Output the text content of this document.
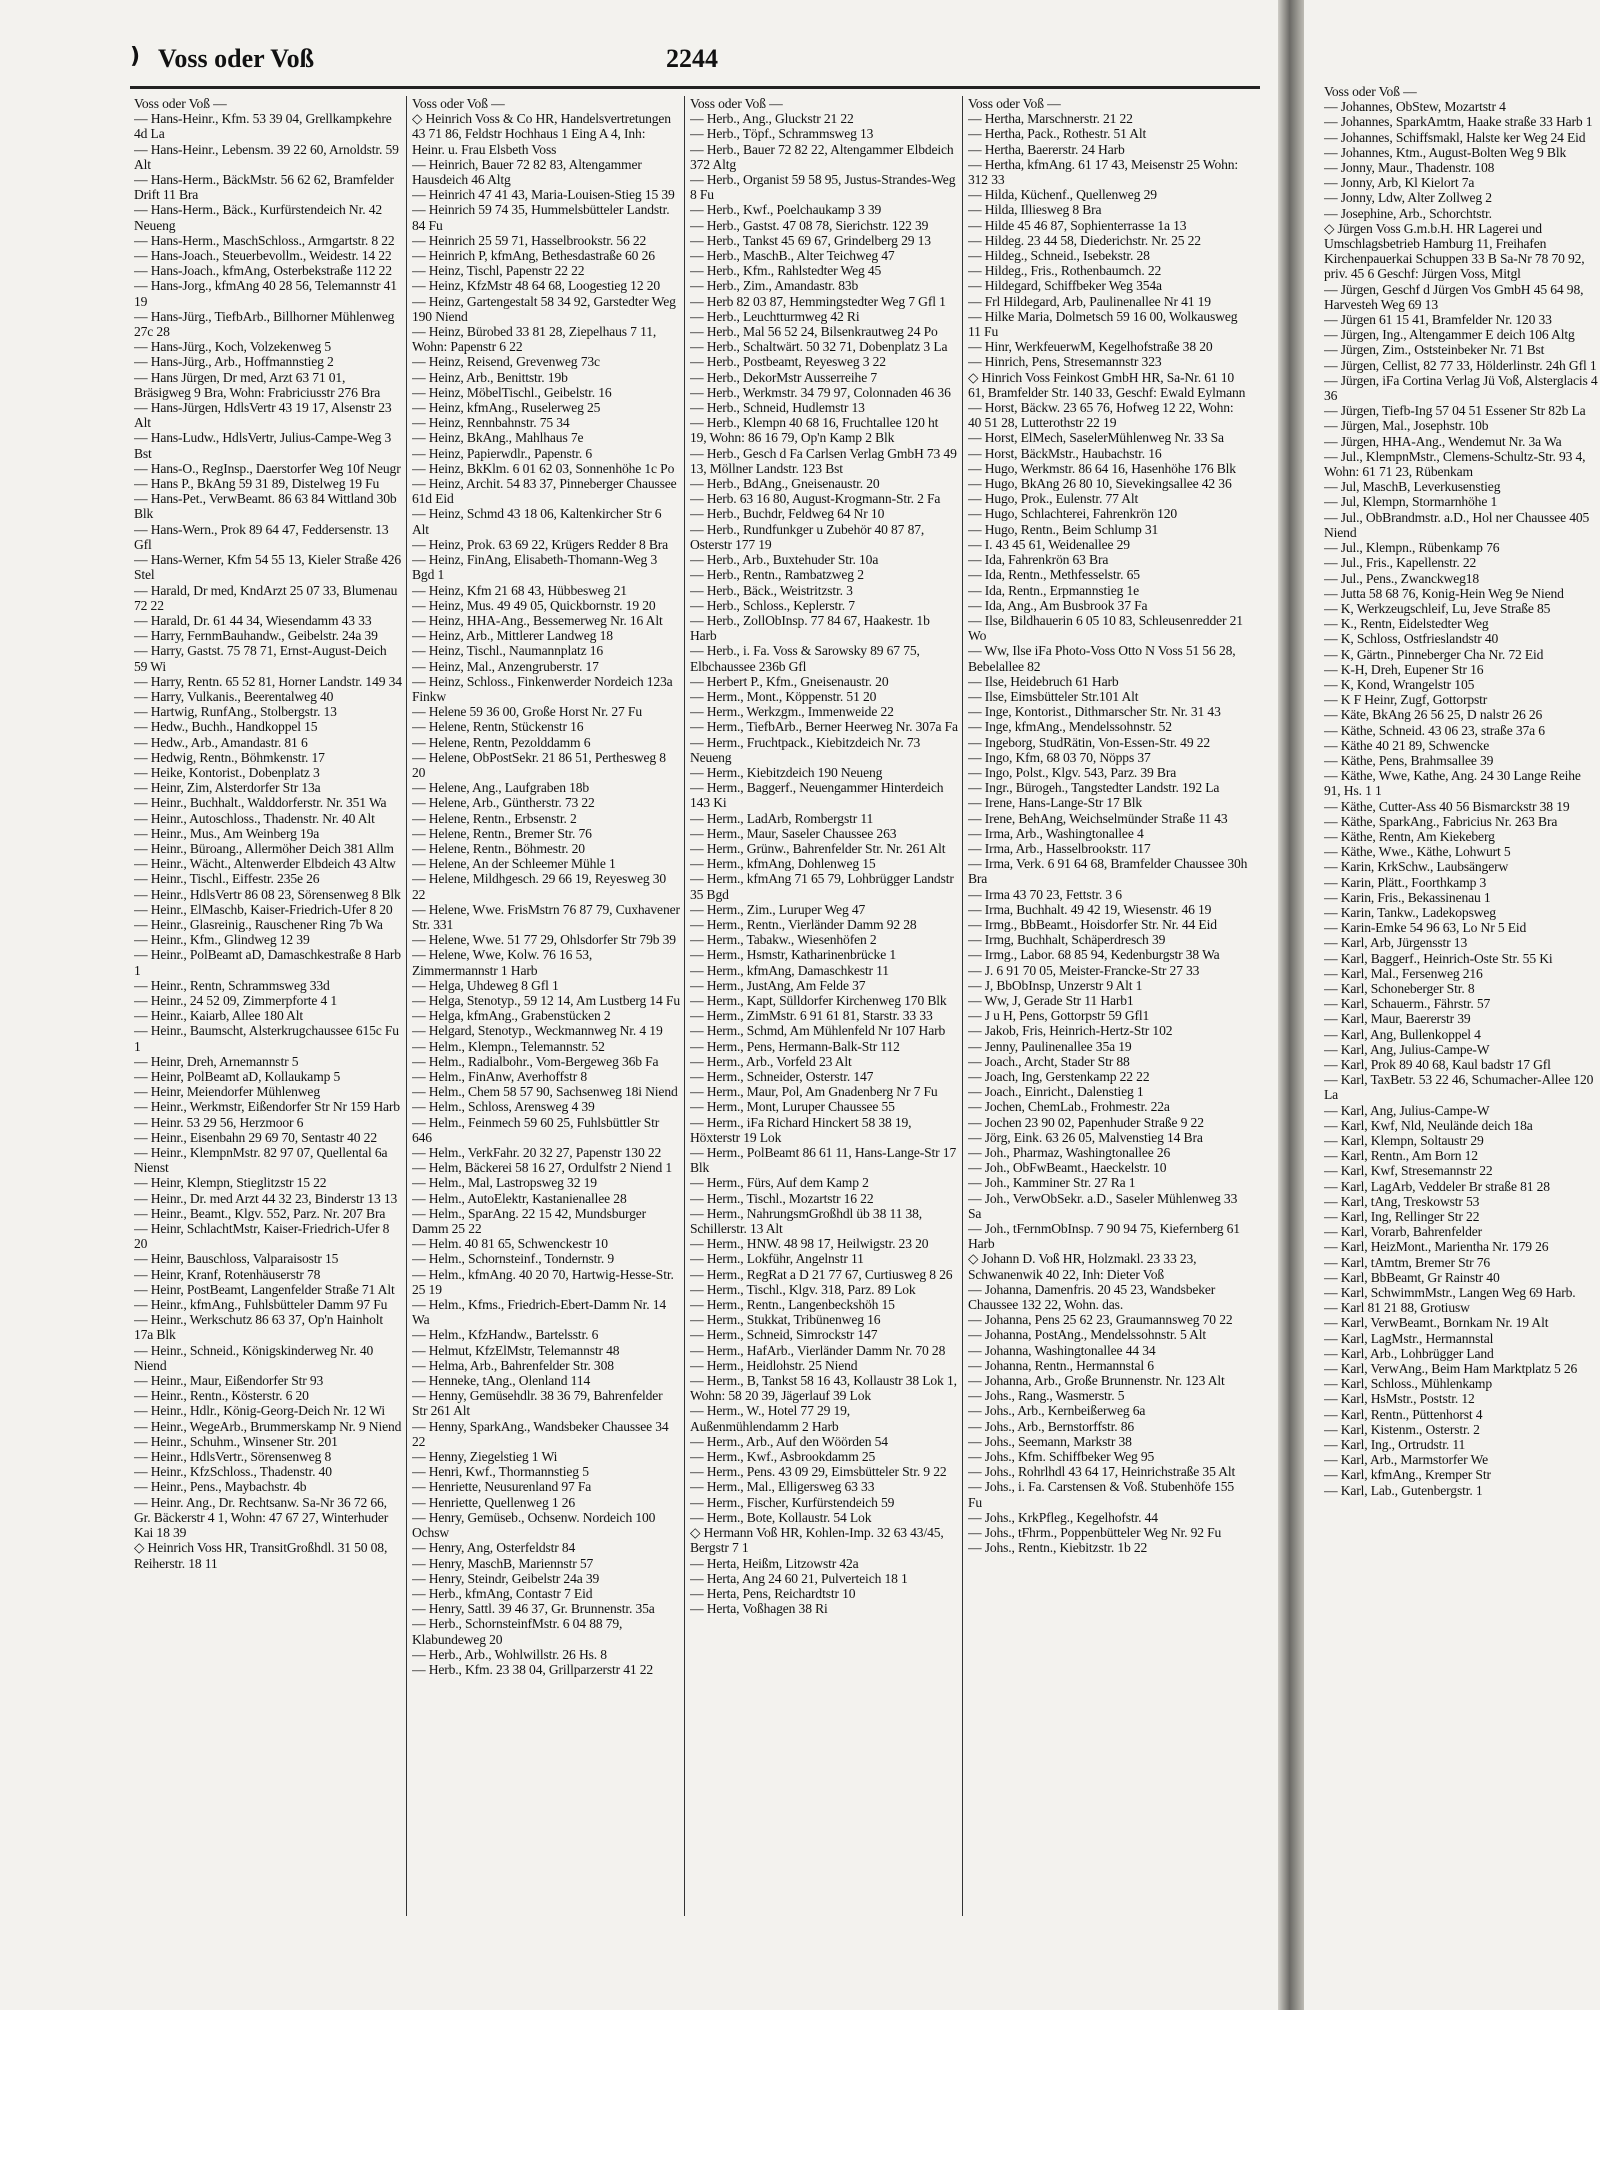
) Voss oder Voß	2244
Voss oder Voß —
— Hans-Heinr., Kfm. 53 39 04, Grellkampkehre 4d La
— Hans-Heinr., Lebensm. 39 22 60, Arnoldstr. 59 Alt
— Hans-Herm., BäckMstr. 56 62 62, Bramfelder Drift 11 Bra
— Hans-Herm., Bäck., Kurfürstendeich Nr. 42 Neueng
— Hans-Herm., MaschSchloss., Armgartstr. 8 22
— Hans-Joach., Steuerbevollm., Weidestr. 14 22
— Hans-Joach., kfmAng, Osterbekstraße 112 22
— Hans-Jorg., kfmAng 40 28 56, Telemannstr 41 19
— Hans-Jürg., TiefbArb., Billhorner Mühlenweg 27c 28
— Hans-Jürg., Koch, Volzekenweg 5
— Hans-Jürg., Arb., Hoffmannstieg 2
— Hans Jürgen, Dr med, Arzt 63 71 01, Bräsigweg 9 Bra, Wohn: Frabriciusstr 276 Bra
— Hans-Jürgen, HdlsVertr 43 19 17, Alsenstr 23 Alt
— Hans-Ludw., HdlsVertr, Julius-Campe-Weg 3 Bst
— Hans-O., RegInsp., Daerstorfer Weg 10f Neugr
— Hans P., BkAng 59 31 89, Distelweg 19 Fu
— Hans-Pet., VerwBeamt. 86 63 84 Wittland 30b Blk
— Hans-Wern., Prok 89 64 47, Feddersenstr. 13 Gfl
— Hans-Werner, Kfm 54 55 13, Kieler Straße 426 Stel
— Harald, Dr med, KndArzt 25 07 33, Blumenau 72 22
— Harald, Dr. 61 44 34, Wiesendamm 43 33
— Harry, FernmBauhandw., Geibelstr. 24a 39
— Harry, Gastst. 75 78 71, Ernst-August-Deich 59 Wi
— Harry, Rentn. 65 52 81, Horner Landstr. 149 34
— Harry, Vulkanis., Beerentalweg 40
— Hartwig, RunfAng., Stolbergstr. 13
— Hedw., Buchh., Handkoppel 15
— Hedw., Arb., Amandastr. 81 6
— Hedwig, Rentn., Böhmkenstr. 17
— Heike, Kontorist., Dobenplatz 3
— Heinr, Zim, Alsterdorfer Str 13a
— Heinr., Buchhalt., Walddorferstr. Nr. 351 Wa
— Heinr., Autoschloss., Thadenstr. Nr. 40 Alt
— Heinr., Mus., Am Weinberg 19a
— Heinr., Büroang., Allermöher Deich 381 Allm
— Heinr., Wächt., Altenwerder Elbdeich 43 Altw
— Heinr., Tischl., Eiffestr. 235e 26
— Heinr., HdlsVertr 86 08 23, Sörensenweg 8 Blk
— Heinr., ElMaschb, Kaiser-Friedrich-Ufer 8 20
— Heinr., Glasreinig., Rauschener Ring 7b Wa
— Heinr., Kfm., Glindweg 12 39
— Heinr., PolBeamt aD, Damaschkestraße 8 Harb 1
— Heinr., Rentn, Schrammsweg 33d
— Heinr., 24 52 09, Zimmerpforte 4 1
— Heinr., Kaiarb, Allee 180 Alt
— Heinr., Baumscht, Alsterkrugchaussee 615c Fu 1
— Heinr, Dreh, Arnemannstr 5
— Heinr, PolBeamt aD, Kollaukamp 5
— Heinr, Meiendorfer Mühlenweg
— Heinr., Werkmstr, Eißendorfer Str Nr 159 Harb
— Heinr. 53 29 56, Herzmoor 6
— Heinr., Eisenbahn 29 69 70, Sentastr 40 22
— Heinr., KlempnMstr. 82 97 07, Quellental 6a Nienst
— Heinr, Klempn, Stieglitzstr 15 22
— Heinr., Dr. med Arzt 44 32 23, Binderstr 13 13
— Heinr., Beamt., Klgv. 552, Parz. Nr. 207 Bra
— Heinr, SchlachtMstr, Kaiser-Friedrich-Ufer 8 20
— Heinr, Bauschloss, Valparaisostr 15
— Heinr, Kranf, Rotenhäuserstr 78
— Heinr, PostBeamt, Langenfelder Straße 71 Alt
— Heinr., kfmAng., Fuhlsbütteler Damm 97 Fu
— Heinr., Werkschutz 86 63 37, Op'n Hainholt 17a Blk
— Heinr., Schneid., Königskinderweg Nr. 40 Niend
— Heinr., Maur, Eißendorfer Str 93
— Heinr., Rentn., Kösterstr. 6 20
— Heinr., Hdlr., König-Georg-Deich Nr. 12 Wi
— Heinr., WegeArb., Brummerskamp Nr. 9 Niend
— Heinr., Schuhm., Winsener Str. 201
— Heinr., HdlsVertr., Sörensenweg 8
— Heinr., KfzSchloss., Thadenstr. 40
— Heinr., Pens., Maybachstr. 4b
— Heinr. Ang., Dr. Rechtsanw. Sa-Nr 36 72 66, Gr. Bäckerstr 4 1, Wohn: 47 67 27, Winterhuder Kai 18 39
◇ Heinrich Voss HR, TransitGroßhdl. 31 50 08, Reiherstr. 18 11
Voss oder Voß —
◇ Heinrich Voss & Co HR, Handelsvertretungen 43 71 86, Feldstr Hochhaus 1 Eing A 4, Inh: Heinr. u. Frau Elsbeth Voss
— Heinrich, Bauer 72 82 83, Altengammer Hausdeich 46 Altg
— Heinrich 47 41 43, Maria-Louisen-Stieg 15 39
— Heinrich 59 74 35, Hummelsbütteler Landstr. 84 Fu
— Heinrich 25 59 71, Hasselbrookstr. 56 22
— Heinrich P, kfmAng, Bethesdastraße 60 26
— Heinz, Tischl, Papenstr 22 22
— Heinz, KfzMstr 48 64 68, Loogestieg 12 20
— Heinz, Gartengestalt 58 34 92, Garstedter Weg 190 Niend
— Heinz, Bürobed 33 81 28, Ziepelhaus 7 11, Wohn: Papenstr 6 22
— Heinz, Reisend, Grevenweg 73c
— Heinz, Arb., Benittstr. 19b
— Heinz, MöbelTischl., Geibelstr. 16
— Heinz, kfmAng., Ruselerweg 25
— Heinz, Rennbahnstr. 75 34
— Heinz, BkAng., Mahlhaus 7e
— Heinz, Papierwdlr., Papenstr. 6
— Heinz, BkKlm. 6 01 62 03, Sonnenhöhe 1c Po
— Heinz, Archit. 54 83 37, Pinneberger Chaussee 61d Eid
— Heinz, Schmd 43 18 06, Kaltenkircher Str 6 Alt
— Heinz, Prok. 63 69 22, Krügers Redder 8 Bra
— Heinz, FinAng, Elisabeth-Thomann-Weg 3 Bgd 1
— Heinz, Kfm 21 68 43, Hübbesweg 21
— Heinz, Mus. 49 49 05, Quickbornstr. 19 20
— Heinz, HHA-Ang., Bessemerweg Nr. 16 Alt
— Heinz, Arb., Mittlerer Landweg 18
— Heinz, Tischl., Naumannplatz 16
— Heinz, Mal., Anzengruberstr. 17
— Heinz, Schloss., Finkenwerder Nordeich 123a Finkw
— Helene 59 36 00, Große Horst Nr. 27 Fu
— Helene, Rentn, Stückenstr 16
— Helene, Rentn, Pezolddamm 6
— Helene, ObPostSekr. 21 86 51, Perthesweg 8 20
— Helene, Ang., Laufgraben 18b
— Helene, Arb., Güntherstr. 73 22
— Helene, Rentn., Erbsenstr. 2
— Helene, Rentn., Bremer Str. 76
— Helene, Rentn., Böhmestr. 20
— Helene, An der Schleemer Mühle 1
— Helene, Mildhgesch. 29 66 19, Reyesweg 30 22
— Helene, Wwe. FrisMstrn 76 87 79, Cuxhavener Str. 331
— Helene, Wwe. 51 77 29, Ohlsdorfer Str 79b 39
— Helene, Wwe, Kolw. 76 16 53, Zimmermannstr 1 Harb
— Helga, Uhdeweg 8 Gfl 1
— Helga, Stenotyp., 59 12 14, Am Lustberg 14 Fu
— Helga, kfmAng., Grabenstücken 2
— Helgard, Stenotyp., Weckmannweg Nr. 4 19
— Helm., Klempn., Telemannstr. 52
— Helm., Radialbohr., Vom-Bergeweg 36b Fa
— Helm., FinAnw, Averhoffstr 8
— Helm., Chem 58 57 90, Sachsenweg 18i Niend
— Helm., Schloss, Arensweg 4 39
— Helm., Feinmech 59 60 25, Fuhlsbüttler Str 646
— Helm., VerkFahr. 20 32 27, Papenstr 130 22
— Helm, Bäckerei 58 16 27, Ordulfstr 2 Niend 1
— Helm., Mal, Lastropsweg 32 19
— Helm., AutoElektr, Kastanienallee 28
— Helm., SparAng. 22 15 42, Mundsburger Damm 25 22
— Helm. 40 81 65, Schwenckestr 10
— Helm., Schornsteinf., Tondernstr. 9
— Helm., kfmAng. 40 20 70, Hartwig-Hesse-Str. 25 19
— Helm., Kfms., Friedrich-Ebert-Damm Nr. 14 Wa
— Helm., KfzHandw., Bartelsstr. 6
— Helmut, KfzElMstr, Telemannstr 48
— Helma, Arb., Bahrenfelder Str. 308
— Henneke, tAng., Olenland 114
— Henny, Gemüsehdlr. 38 36 79, Bahrenfelder Str 261 Alt
— Henny, SparkAng., Wandsbeker Chaussee 34 22
— Henny, Ziegelstieg 1 Wi
— Henri, Kwf., Thormannstieg 5
— Henriette, Neusurenland 97 Fa
— Henriette, Quellenweg 1 26
— Henry, Gemüseb., Ochsenw. Nordeich 100 Ochsw
— Henry, Ang, Osterfeldstr 84
— Henry, MaschB, Mariennstr 57
— Henry, Steindr, Geibelstr 24a 39
— Herb., kfmAng, Contastr 7 Eid
— Henry, Sattl. 39 46 37, Gr. Brunnenstr. 35a
— Herb., SchornsteinfMstr. 6 04 88 79, Klabundeweg 20
— Herb., Arb., Wohlwillstr. 26 Hs. 8
— Herb., Kfm. 23 38 04, Grillparzerstr 41 22
Voss oder Voß —
— Herb., Ang., Gluckstr 21 22
— Herb., Töpf., Schrammsweg 13
— Herb., Bauer 72 82 22, Altengammer Elbdeich 372 Altg
— Herb., Organist 59 58 95, Justus-Strandes-Weg 8 Fu
— Herb., Kwf., Poelchaukamp 3 39
— Herb., Gastst. 47 08 78, Sierichstr. 122 39
— Herb., Tankst 45 69 67, Grindelberg 29 13
— Herb., MaschB., Alter Teichweg 47
— Herb., Kfm., Rahlstedter Weg 45
— Herb., Zim., Amandastr. 83b
— Herb 82 03 87, Hemmingstedter Weg 7 Gfl 1
— Herb., Leuchtturmweg 42 Ri
— Herb., Mal 56 52 24, Bilsenkrautweg 24 Po
— Herb., Schaltwärt. 50 32 71, Dobenplatz 3 La
— Herb., Postbeamt, Reyesweg 3 22
— Herb., DekorMstr Ausserreihe 7
— Herb., Werkmstr. 34 79 97, Colonnaden 46 36
— Herb., Schneid, Hudlemstr 13
— Herb., Klempn 40 68 16, Fruchtallee 120 ht 19, Wohn: 86 16 79, Op'n Kamp 2 Blk
— Herb., Gesch d Fa Carlsen Verlag GmbH 73 49 13, Möllner Landstr. 123 Bst
— Herb., BdAng., Gneisenaustr. 20
— Herb. 63 16 80, August-Krogmann-Str. 2 Fa
— Herb., Buchdr, Feldweg 64 Nr 10
— Herb., Rundfunkger u Zubehör 40 87 87, Osterstr 177 19
— Herb., Arb., Buxtehuder Str. 10a
— Herb., Rentn., Rambatzweg 2
— Herb., Bäck., Weistritzstr. 3
— Herb., Schloss., Keplerstr. 7
— Herb., ZollObInsp. 77 84 67, Haakestr. 1b Harb
— Herb., i. Fa. Voss & Sarowsky 89 67 75, Elbchaussee 236b Gfl
— Herbert P., Kfm., Gneisenaustr. 20
— Herm., Mont., Köppenstr. 51 20
— Herm., Werkzgm., Immenweide 22
— Herm., TiefbArb., Berner Heerweg Nr. 307a Fa
— Herm., Fruchtpack., Kiebitzdeich Nr. 73 Neueng
— Herm., Kiebitzdeich 190 Neueng
— Herm., Baggerf., Neuengammer Hinterdeich 143 Ki
— Herm., LadArb, Rombergstr 11
— Herm., Maur, Saseler Chaussee 263
— Herm., Grünw., Bahrenfelder Str. Nr. 261 Alt
— Herm., kfmAng, Dohlenweg 15
— Herm., kfmAng 71 65 79, Lohbrügger Landstr 35 Bgd
— Herm., Zim., Luruper Weg 47
— Herm., Rentn., Vierländer Damm 92 28
— Herm., Tabakw., Wiesenhöfen 2
— Herm., Hsmstr, Katharinenbrücke 1
— Herm., kfmAng, Damaschkestr 11
— Herm., JustAng, Am Felde 37
— Herm., Kapt, Sülldorfer Kirchenweg 170 Blk
— Herm., ZimMstr. 6 91 61 81, Starstr. 33 33
— Herm., Schmd, Am Mühlenfeld Nr 107 Harb
— Herm., Pens, Hermann-Balk-Str 112
— Herm., Arb., Vorfeld 23 Alt
— Herm., Schneider, Osterstr. 147
— Herm., Maur, Pol, Am Gnadenberg Nr 7 Fu
— Herm., Mont, Luruper Chaussee 55
— Herm., iFa Richard Hinckert 58 38 19, Höxterstr 19 Lok
— Herm., PolBeamt 86 61 11, Hans-Lange-Str 17 Blk
— Herm., Fürs, Auf dem Kamp 2
— Herm., Tischl., Mozartstr 16 22
— Herm., NahrungsmGroßhdl üb 38 11 38, Schillerstr. 13 Alt
— Herm., HNW. 48 98 17, Heilwigstr. 23 20
— Herm., Lokführ, Angelnstr 11
— Herm., RegRat a D 21 77 67, Curtiusweg 8 26
— Herm., Tischl., Klgv. 318, Parz. 89 Lok
— Herm., Rentn., Langenbeckshöh 15
— Herm., Stukkat, Tribünenweg 16
— Herm., Schneid, Simrockstr 147
— Herm., HafArb., Vierländer Damm Nr. 70 28
— Herm., Heidlohstr. 25 Niend
— Herm., B, Tankst 58 16 43, Kollaustr 38 Lok 1, Wohn: 58 20 39, Jägerlauf 39 Lok
— Herm., W., Hotel 77 29 19, Außenmühlendamm 2 Harb
— Herm., Arb., Auf den Wöörden 54
— Herm., Kwf., Asbrookdamm 25
— Herm., Pens. 43 09 29, Eimsbütteler Str. 9 22
— Herm., Mal., Elligersweg 63 33
— Herm., Fischer, Kurfürstendeich 59
— Herm., Bote, Kollaustr. 54 Lok
◇ Hermann Voß HR, Kohlen-Imp. 32 63 43/45, Bergstr 7 1
— Herta, Heißm, Litzowstr 42a
— Herta, Ang 24 60 21, Pulverteich 18 1
— Herta, Pens, Reichardtstr 10
— Herta, Voßhagen 38 Ri
Voss oder Voß —
— Hertha, Marschnerstr. 21 22
— Hertha, Pack., Rothestr. 51 Alt
— Hertha, Baererstr. 24 Harb
— Hertha, kfmAng. 61 17 43, Meisenstr 25 Wohn: 312 33
— Hilda, Küchenf., Quellenweg 29
— Hilda, Illiesweg 8 Bra
— Hilde 45 46 87, Sophienterrasse 1a 13
— Hildeg. 23 44 58, Diederichstr. Nr. 25 22
— Hildeg., Schneid., Isebekstr. 28
— Hildeg., Fris., Rothenbaumch. 22
— Hildegard, Schiffbeker Weg 354a
— Frl Hildegard, Arb, Paulinenallee Nr 41 19
— Hilke Maria, Dolmetsch 59 16 00, Wolkausweg 11 Fu
— Hinr, WerkfeuerwM, Kegelhofstraße 38 20
— Hinrich, Pens, Stresemannstr 323
◇ Hinrich Voss Feinkost GmbH HR, Sa-Nr. 61 10 61, Bramfelder Str. 140 33, Geschf: Ewald Eylmann
— Horst, Bäckw. 23 65 76, Hofweg 12 22, Wohn: 40 51 28, Lutterothstr 22 19
— Horst, ElMech, SaselerMühlenweg Nr. 33 Sa
— Horst, BäckMstr., Haubachstr. 16
— Hugo, Werkmstr. 86 64 16, Hasenhöhe 176 Blk
— Hugo, BkAng 26 80 10, Sievekingsallee 42 36
— Hugo, Prok., Eulenstr. 77 Alt
— Hugo, Schlachterei, Fahrenkrön 120
— Hugo, Rentn., Beim Schlump 31
— I. 43 45 61, Weidenallee 29
— Ida, Fahrenkrön 63 Bra
— Ida, Rentn., Methfesselstr. 65
— Ida, Rentn., Erpmannstieg 1e
— Ida, Ang., Am Busbrook 37 Fa
— Ilse, Bildhauerin 6 05 10 83, Schleusenredder 21 Wo
— Ww, Ilse iFa Photo-Voss Otto N Voss 51 56 28, Bebelallee 82
— Ilse, Heidebruch 61 Harb
— Ilse, Eimsbütteler Str.101 Alt
— Inge, Kontorist., Dithmarscher Str. Nr. 31 43
— Inge, kfmAng., Mendelssohnstr. 52
— Ingeborg, StudRätin, Von-Essen-Str. 49 22
— Ingo, Kfm, 68 03 70, Nöpps 37
— Ingo, Polst., Klgv. 543, Parz. 39 Bra
— Ingr., Bürogeh., Tangstedter Landstr. 192 La
— Irene, Hans-Lange-Str 17 Blk
— Irene, BehAng, Weichselmünder Straße 11 43
— Irma, Arb., Washingtonallee 4
— Irma, Arb., Hasselbrookstr. 117
— Irma, Verk. 6 91 64 68, Bramfelder Chaussee 30h Bra
— Irma 43 70 23, Fettstr. 3 6
— Irma, Buchhalt. 49 42 19, Wiesenstr. 46 19
— Irmg., BbBeamt., Hoisdorfer Str. Nr. 44 Eid
— Irmg, Buchhalt, Schäperdresch 39
— Irmg., Labor. 68 85 94, Kedenburgstr 38 Wa
— J. 6 91 70 05, Meister-Francke-Str 27 33
— J, BbObInsp, Unzerstr 9 Alt 1
— Ww, J, Gerade Str 11 Harb1
— J u H, Pens, Gottorpstr 59 Gfl1
— Jakob, Fris, Heinrich-Hertz-Str 102
— Jenny, Paulinenallee 35a 19
— Joach., Archt, Stader Str 88
— Joach, Ing, Gerstenkamp 22 22
— Joach., Einricht., Dalenstieg 1
— Jochen, ChemLab., Frohmestr. 22a
— Jochen 23 90 02, Papenhuder Straße 9 22
— Jörg, Eink. 63 26 05, Malvenstieg 14 Bra
— Joh., Pharmaz, Washingtonallee 26
— Joh., ObFwBeamt., Haeckelstr. 10
— Joh., Kamminer Str. 27 Ra 1
— Joh., VerwObSekr. a.D., Saseler Mühlenweg 33 Sa
— Joh., tFernmObInsp. 7 90 94 75, Kiefernberg 61 Harb
◇ Johann D. Voß HR, Holzmakl. 23 33 23, Schwanenwik 40 22, Inh: Dieter Voß
— Johanna, Damenfris. 20 45 23, Wandsbeker Chaussee 132 22, Wohn. das.
— Johanna, Pens 25 62 23, Graumannsweg 70 22
— Johanna, PostAng., Mendelssohnstr. 5 Alt
— Johanna, Washingtonallee 44 34
— Johanna, Rentn., Hermannstal 6
— Johanna, Arb., Große Brunnenstr. Nr. 123 Alt
— Johs., Rang., Wasmerstr. 5
— Johs., Arb., Kernbeißerweg 6a
— Johs., Arb., Bernstorffstr. 86
— Johs., Seemann, Markstr 38
— Johs., Kfm. Schiffbeker Weg 95
— Johs., Rohrlhdl 43 64 17, Heinrichstraße 35 Alt
— Johs., i. Fa. Carstensen & Voß. Stubenhöfe 155 Fu
— Johs., KrkPfleg., Kegelhofstr. 44
— Johs., tFhrm., Poppenbütteler Weg Nr. 92 Fu
— Johs., Rentn., Kiebitzstr. 1b 22
Voss oder Voß —
— Johannes, ObStew, Mozartstr 4
— Johannes, SparkAmtm, Haake straße 33 Harb 1
— Johannes, Schiffsmakl, Halste ker Weg 24 Eid
— Johannes, Ktm., August-Bolten Weg 9 Blk
— Jonny, Maur., Thadenstr. 108
— Jonny, Arb, Kl Kielort 7a
— Jonny, Ldw, Alter Zollweg 2
— Josephine, Arb., Schorchtstr.
◇ Jürgen Voss G.m.b.H. HR Lagerei und Umschlagsbetrieb Hamburg 11, Freihafen Kirchenpauerkai Schuppen 33 B Sa-Nr 78 70 92, priv. 45 6 Geschf: Jürgen Voss, Mitgl
— Jürgen, Geschf d Jürgen Vos GmbH 45 64 98, Harvesteh Weg 69 13
— Jürgen 61 15 41, Bramfelder Nr. 120 33
— Jürgen, Ing., Altengammer E deich 106 Altg
— Jürgen, Zim., Oststeinbeker Nr. 71 Bst
— Jürgen, Cellist, 82 77 33, Hölderlinstr. 24h Gfl 1
— Jürgen, iFa Cortina Verlag Jü Voß, Alsterglacis 4 36
— Jürgen, Tiefb-Ing 57 04 51 Essener Str 82b La
— Jürgen, Mal., Josephstr. 10b
— Jürgen, HHA-Ang., Wendemut Nr. 3a Wa
— Jul., KlempnMstr., Clemens-Schultz-Str. 93 4, Wohn: 61 71 23, Rübenkam
— Jul, MaschB, Leverkusenstieg
— Jul, Klempn, Stormarnhöhe 1
— Jul., ObBrandmstr. a.D., Hol ner Chaussee 405 Niend
— Jul., Klempn., Rübenkamp 76
— Jul., Fris., Kapellenstr. 22
— Jul., Pens., Zwanckweg18
— Jutta 58 68 76, Konig-Hein Weg 9e Niend
— K, Werkzeugschleif, Lu, Jeve Straße 85
— K., Rentn, Eidelstedter Weg
— K, Schloss, Ostfrieslandstr 40
— K, Gärtn., Pinneberger Cha Nr. 72 Eid
— K-H, Dreh, Eupener Str 16
— K, Kond, Wrangelstr 105
— K F Heinr, Zugf, Gottorpstr
— Käte, BkAng 26 56 25, D nalstr 26 26
— Käthe, Schneid. 43 06 23, straße 37a 6
— Käthe 40 21 89, Schwencke
— Käthe, Pens, Brahmsallee 39
— Käthe, Wwe, Kathe, Ang. 24 30 Lange Reihe 91, Hs. 1 1
— Käthe, Cutter-Ass 40 56 Bismarckstr 38 19
— Käthe, SparkAng., Fabricius Nr. 263 Bra
— Käthe, Rentn, Am Kiekeberg
— Käthe, Wwe., Käthe, Lohwurt 5
— Karin, KrkSchw., Laubsängerw
— Karin, Plätt., Foorthkamp 3
— Karin, Fris., Bekassinenau 1
— Karin, Tankw., Ladekopsweg
— Karin-Emke 54 96 63, Lo Nr 5 Eid
— Karl, Arb, Jürgensstr 13
— Karl, Baggerf., Heinrich-Oste Str. 55 Ki
— Karl, Mal., Fersenweg 216
— Karl, Schoneberger Str. 8
— Karl, Schauerm., Fährstr. 57
— Karl, Maur, Baererstr 39
— Karl, Ang, Bullenkoppel 4
— Karl, Ang, Julius-Campe-W
— Karl, Prok 89 40 68, Kaul badstr 17 Gfl
— Karl, TaxBetr. 53 22 46, Schumacher-Allee 120 La
— Karl, Ang, Julius-Campe-W
— Karl, Kwf, Nld, Neulände deich 18a
— Karl, Klempn, Soltaustr 29
— Karl, Rentn., Am Born 12
— Karl, Kwf, Stresemannstr 22
— Karl, LagArb, Veddeler Br straße 81 28
— Karl, tAng, Treskowstr 53
— Karl, Ing, Rellinger Str 22
— Karl, Vorarb, Bahrenfelder
— Karl, HeizMont., Marientha Nr. 179 26
— Karl, tAmtm, Bremer Str 76
— Karl, BbBeamt, Gr Rainstr 40
— Karl, SchwimmMstr., Langen Weg 69 Harb.
— Karl 81 21 88, Grotiusw
— Karl, VerwBeamt., Bornkam Nr. 19 Alt
— Karl, LagMstr., Hermannstal
— Karl, Arb., Lohbrügger Land
— Karl, VerwAng., Beim Ham Marktplatz 5 26
— Karl, Schloss., Mühlenkamp
— Karl, HsMstr., Poststr. 12
— Karl, Rentn., Püttenhorst 4
— Karl, Kistenm., Osterstr. 2
— Karl, Ing., Ortrudstr. 11
— Karl, Arb., Marmstorfer We
— Karl, kfmAng., Kremper Str
— Karl, Lab., Gutenbergstr. 1
